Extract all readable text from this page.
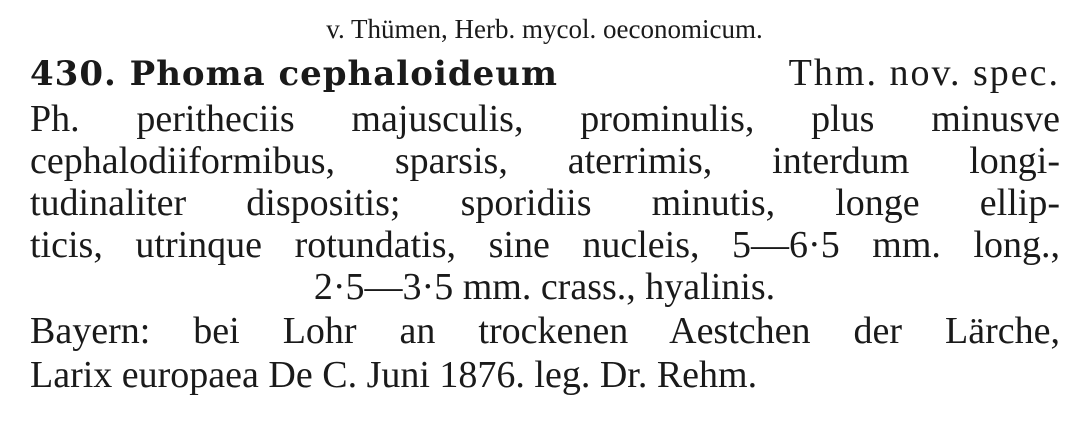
v. Thümen, Herb. mycol. oeconomicum.
430. Phoma cephaloideum	Thm. nov. spec.
Ph. peritheciis majusculis, prominulis, plus minusve
cephalodiiformibus, sparsis, aterrimis, interdum longi-
tudinaliter dispositis; sporidiis minutis, longe ellip-
ticis, utrinque rotundatis, sine nucleis, 5—6·5 mm. long.,
2·5—3·5 mm. crass., hyalinis.
Bayern: bei Lohr an trockenen Aestchen der Lärche,
Larix europaea De C. Juni 1876. leg. Dr. Rehm.
